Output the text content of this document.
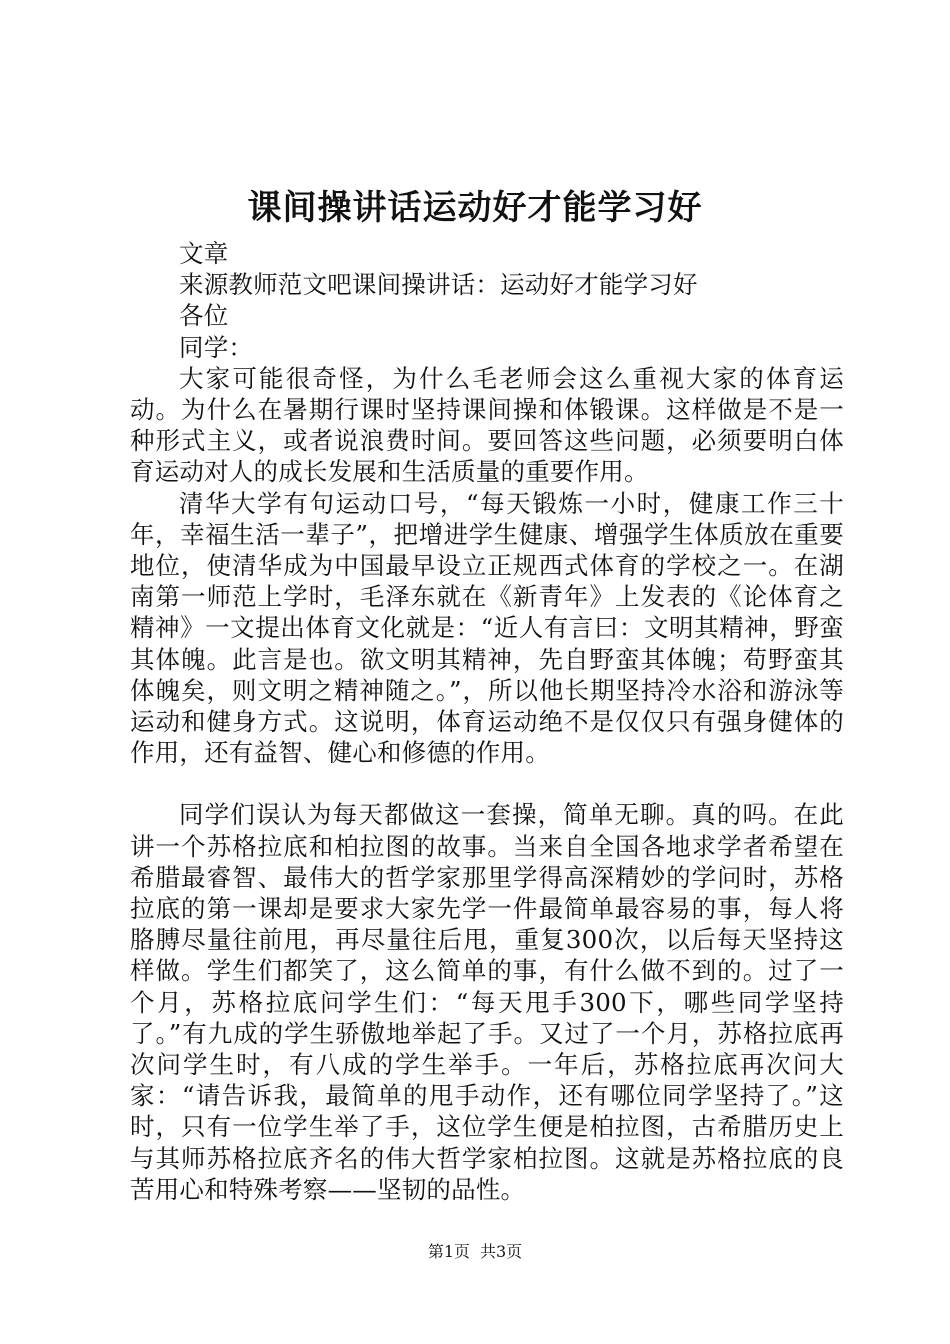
课间操讲话运动好才能学习好

文章

来源教师范文吧课间操讲话：运动好才能学习好

各位

同学：

大家可能很奇怪，为什么毛老师会这么重视大家的体育运动。为什么在暑期行课时坚持课间操和体锻课。这样做是不是一种形式主义，或者说浪费时间。要回答这些问题，必须要明白体育运动对人的成长发展和生活质量的重要作用。

清华大学有句运动口号，“每天锻炼一小时，健康工作三十年，幸福生活一辈子”，把增进学生健康、增强学生体质放在重要地位，使清华成为中国最早设立正规西式体育的学校之一。在湖南第一师范上学时，毛泽东就在《新青年》上发表的《论体育之精神》一文提出体育文化就是：“近人有言曰：文明其精神，野蛮其体魄。此言是也。欲文明其精神，先自野蛮其体魄；苟野蛮其体魄矣，则文明之精神随之。”，所以他长期坚持冷水浴和游泳等运动和健身方式。这说明，体育运动绝不是仅仅只有强身健体的作用，还有益智、健心和修德的作用。

同学们误认为每天都做这一套操，简单无聊。真的吗。在此讲一个苏格拉底和柏拉图的故事。当来自全国各地求学者希望在希腊最睿智、最伟大的哲学家那里学得高深精妙的学问时，苏格拉底的第一课却是要求大家先学一件最简单最容易的事，每人将胳膊尽量往前甩，再尽量往后甩，重复300次，以后每天坚持这样做。学生们都笑了，这么简单的事，有什么做不到的。过了一个月，苏格拉底问学生们：“每天甩手300下，哪些同学坚持了。”有九成的学生骄傲地举起了手。又过了一个月，苏格拉底再次问学生时，有八成的学生举手。一年后，苏格拉底再次问大家：“请告诉我，最简单的甩手动作，还有哪位同学坚持了。”这时，只有一位学生举了手，这位学生便是柏拉图，古希腊历史上与其师苏格拉底齐名的伟大哲学家柏拉图。这就是苏格拉底的良苦用心和特殊考察——坚韧的品性。

第1页 共3页
